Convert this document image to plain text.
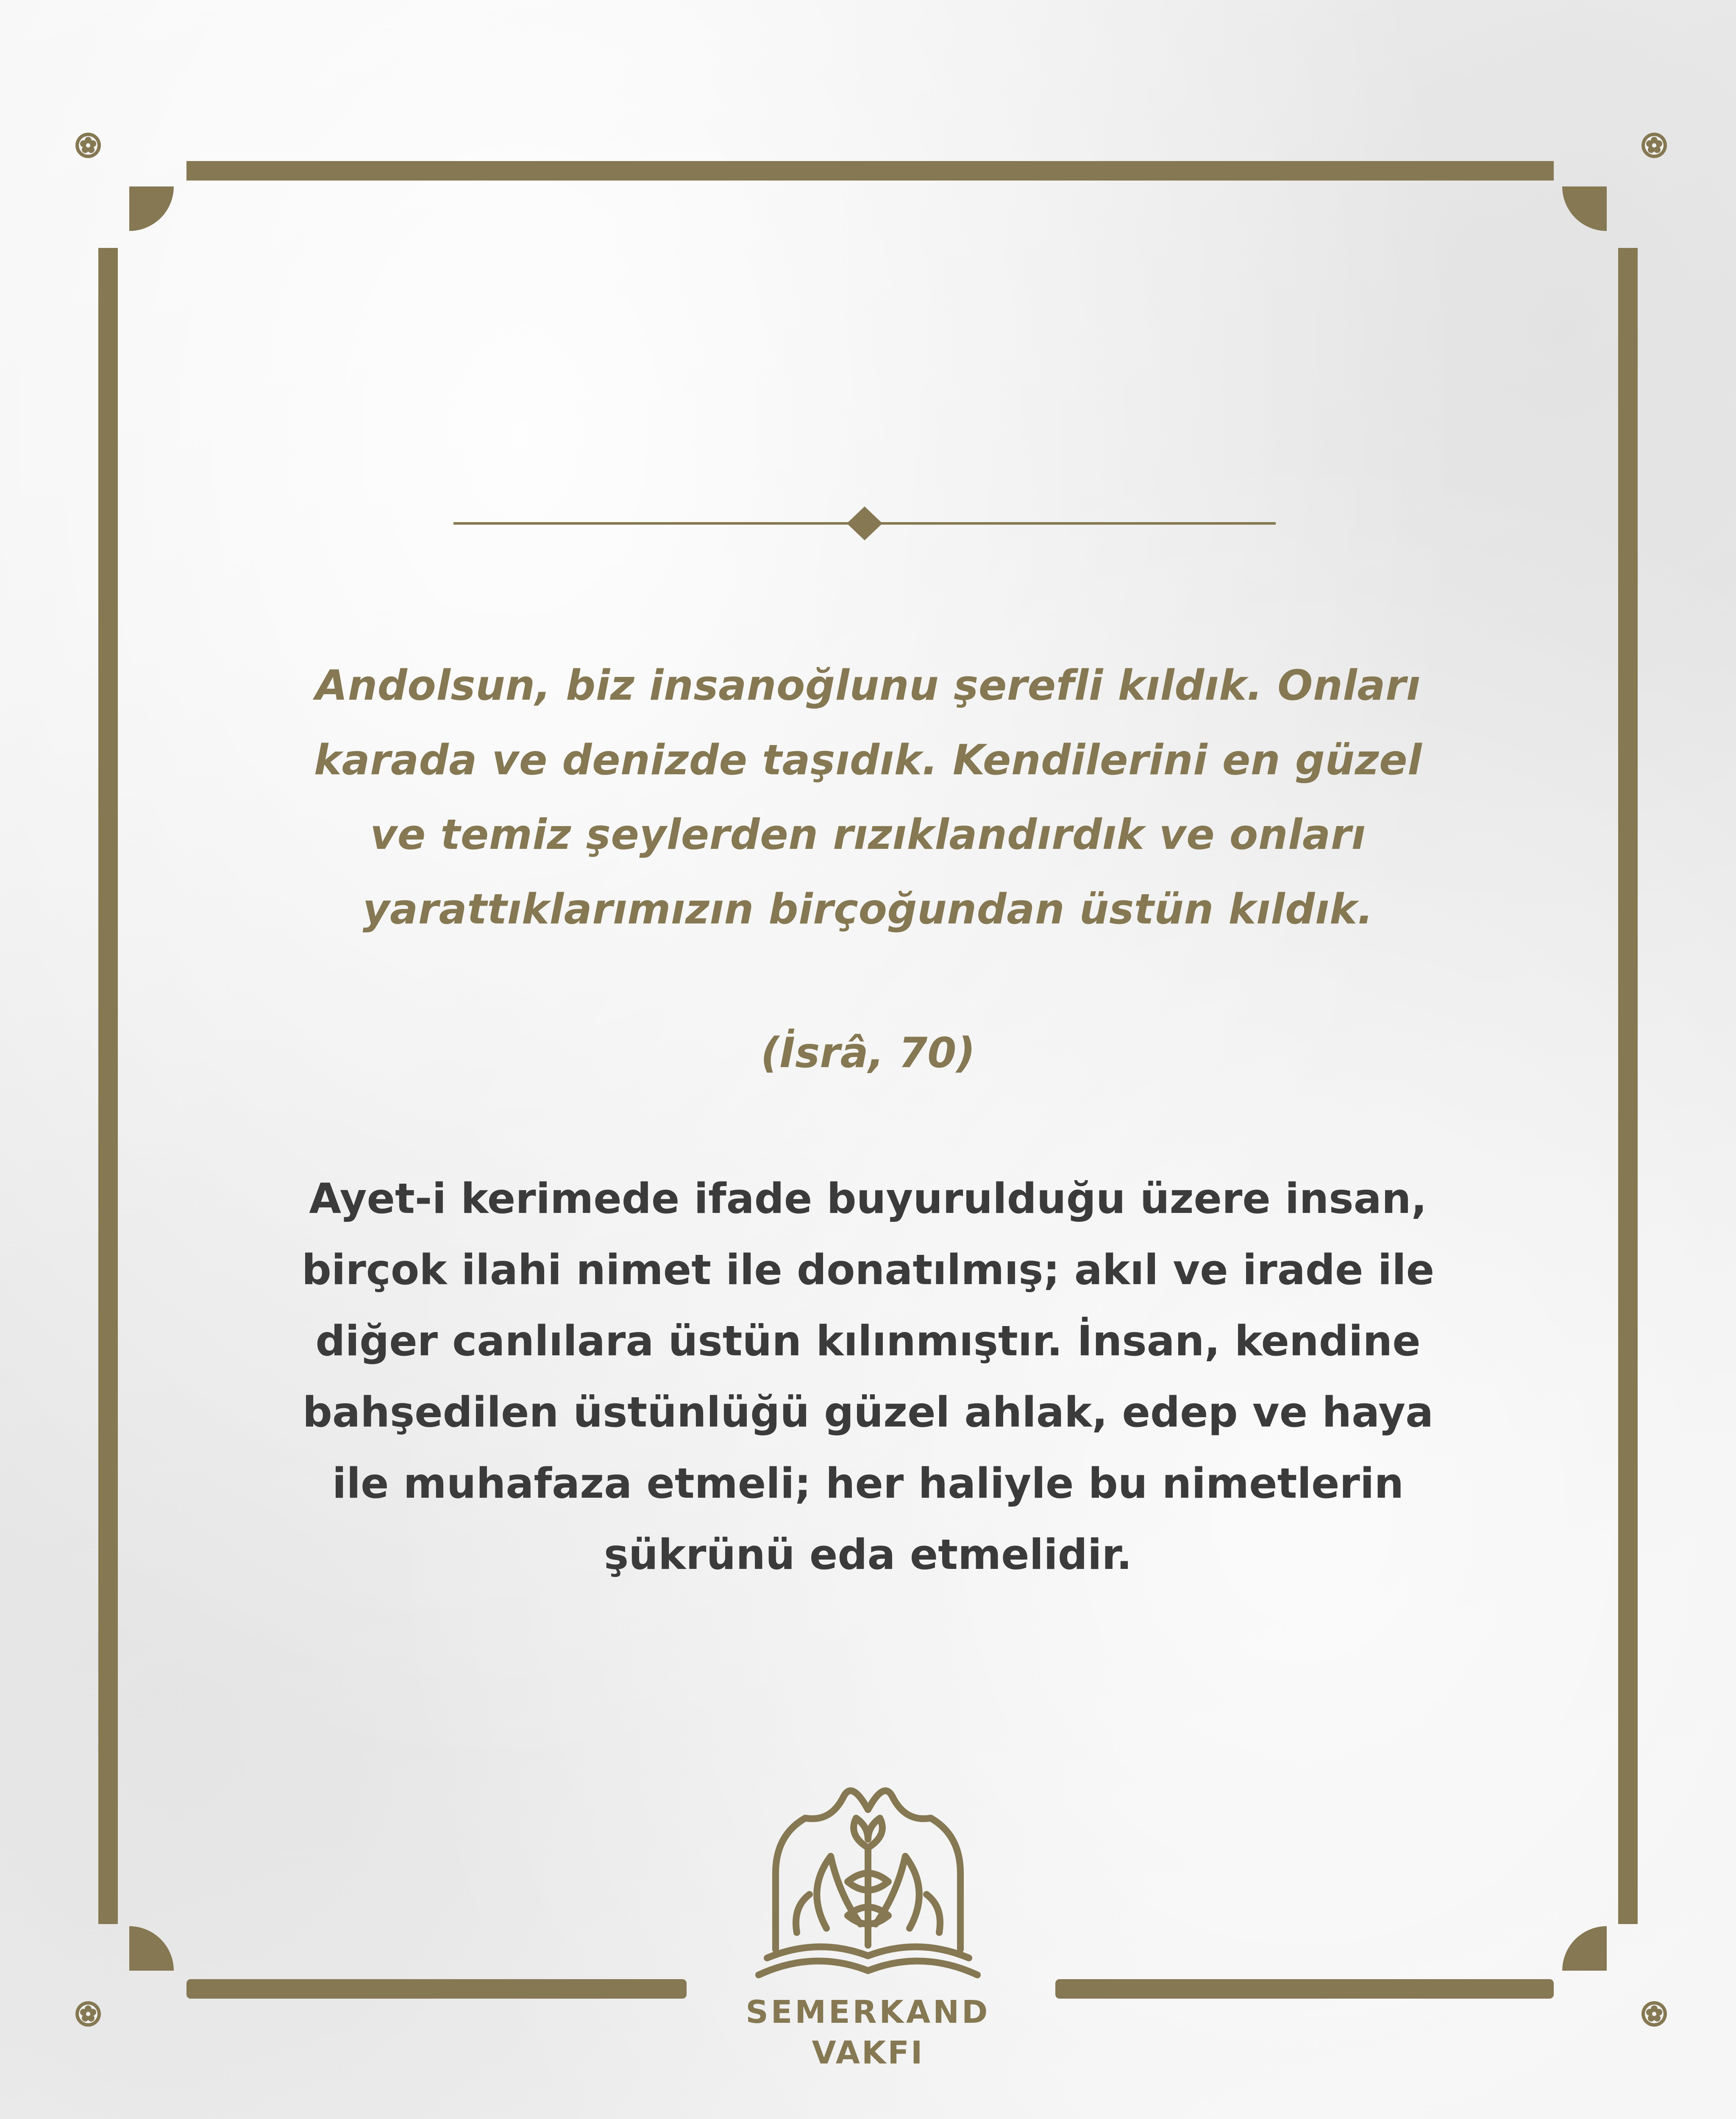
Andolsun, biz insanoğlunu şerefli kıldık. Onları
karada ve denizde taşıdık. Kendilerini en güzel
ve temiz şeylerden rızıklandırdık ve onları
yarattıklarımızın birçoğundan üstün kıldık.
(İsrâ, 70)
Ayet-i kerimede ifade buyurulduğu üzere insan,
birçok ilahi nimet ile donatılmış; akıl ve irade ile
diğer canlılara üstün kılınmıştır. İnsan, kendine
bahşedilen üstünlüğü güzel ahlak, edep ve haya
ile muhafaza etmeli; her haliyle bu nimetlerin
şükrünü eda etmelidir.
SEMERKAND
VAKFI
